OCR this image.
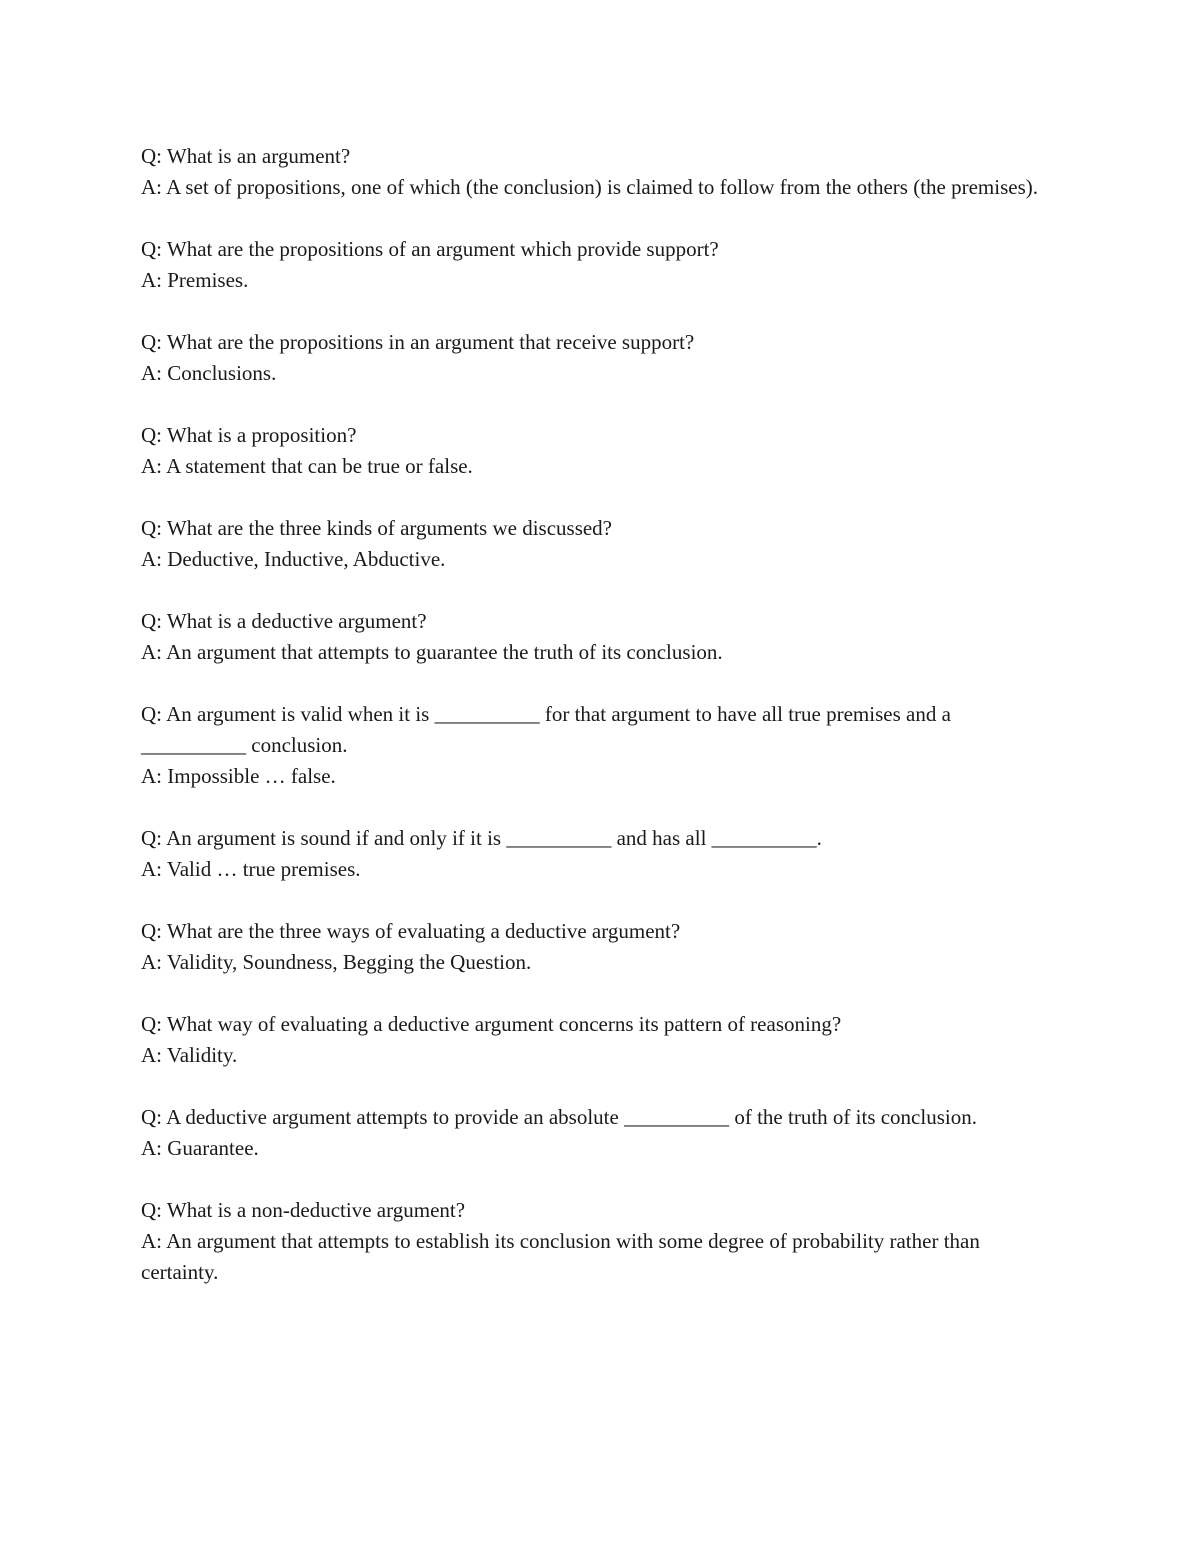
Q: What is an argument?

A: A set of propositions, one of which (the conclusion) is claimed to follow from the others (the premises).

Q: What are the propositions of an argument which provide support?

A: Premises.

Q: What are the propositions in an argument that receive support?

A: Conclusions.

Q: What is a proposition?

A: A statement that can be true or false.

Q: What are the three kinds of arguments we discussed?

A: Deductive, Inductive, Abductive.

Q: What is a deductive argument?

A: An argument that attempts to guarantee the truth of its conclusion.

Q: An argument is valid when it is __________ for that argument to have all true premises and a __________ conclusion.

A: Impossible … false.

Q: An argument is sound if and only if it is __________ and has all __________.

A: Valid … true premises.

Q: What are the three ways of evaluating a deductive argument?

A: Validity, Soundness, Begging the Question.

Q: What way of evaluating a deductive argument concerns its pattern of reasoning?

A: Validity.

Q: A deductive argument attempts to provide an absolute __________ of the truth of its conclusion.

A: Guarantee.

Q: What is a non-deductive argument?

A: An argument that attempts to establish its conclusion with some degree of probability rather than certainty.
